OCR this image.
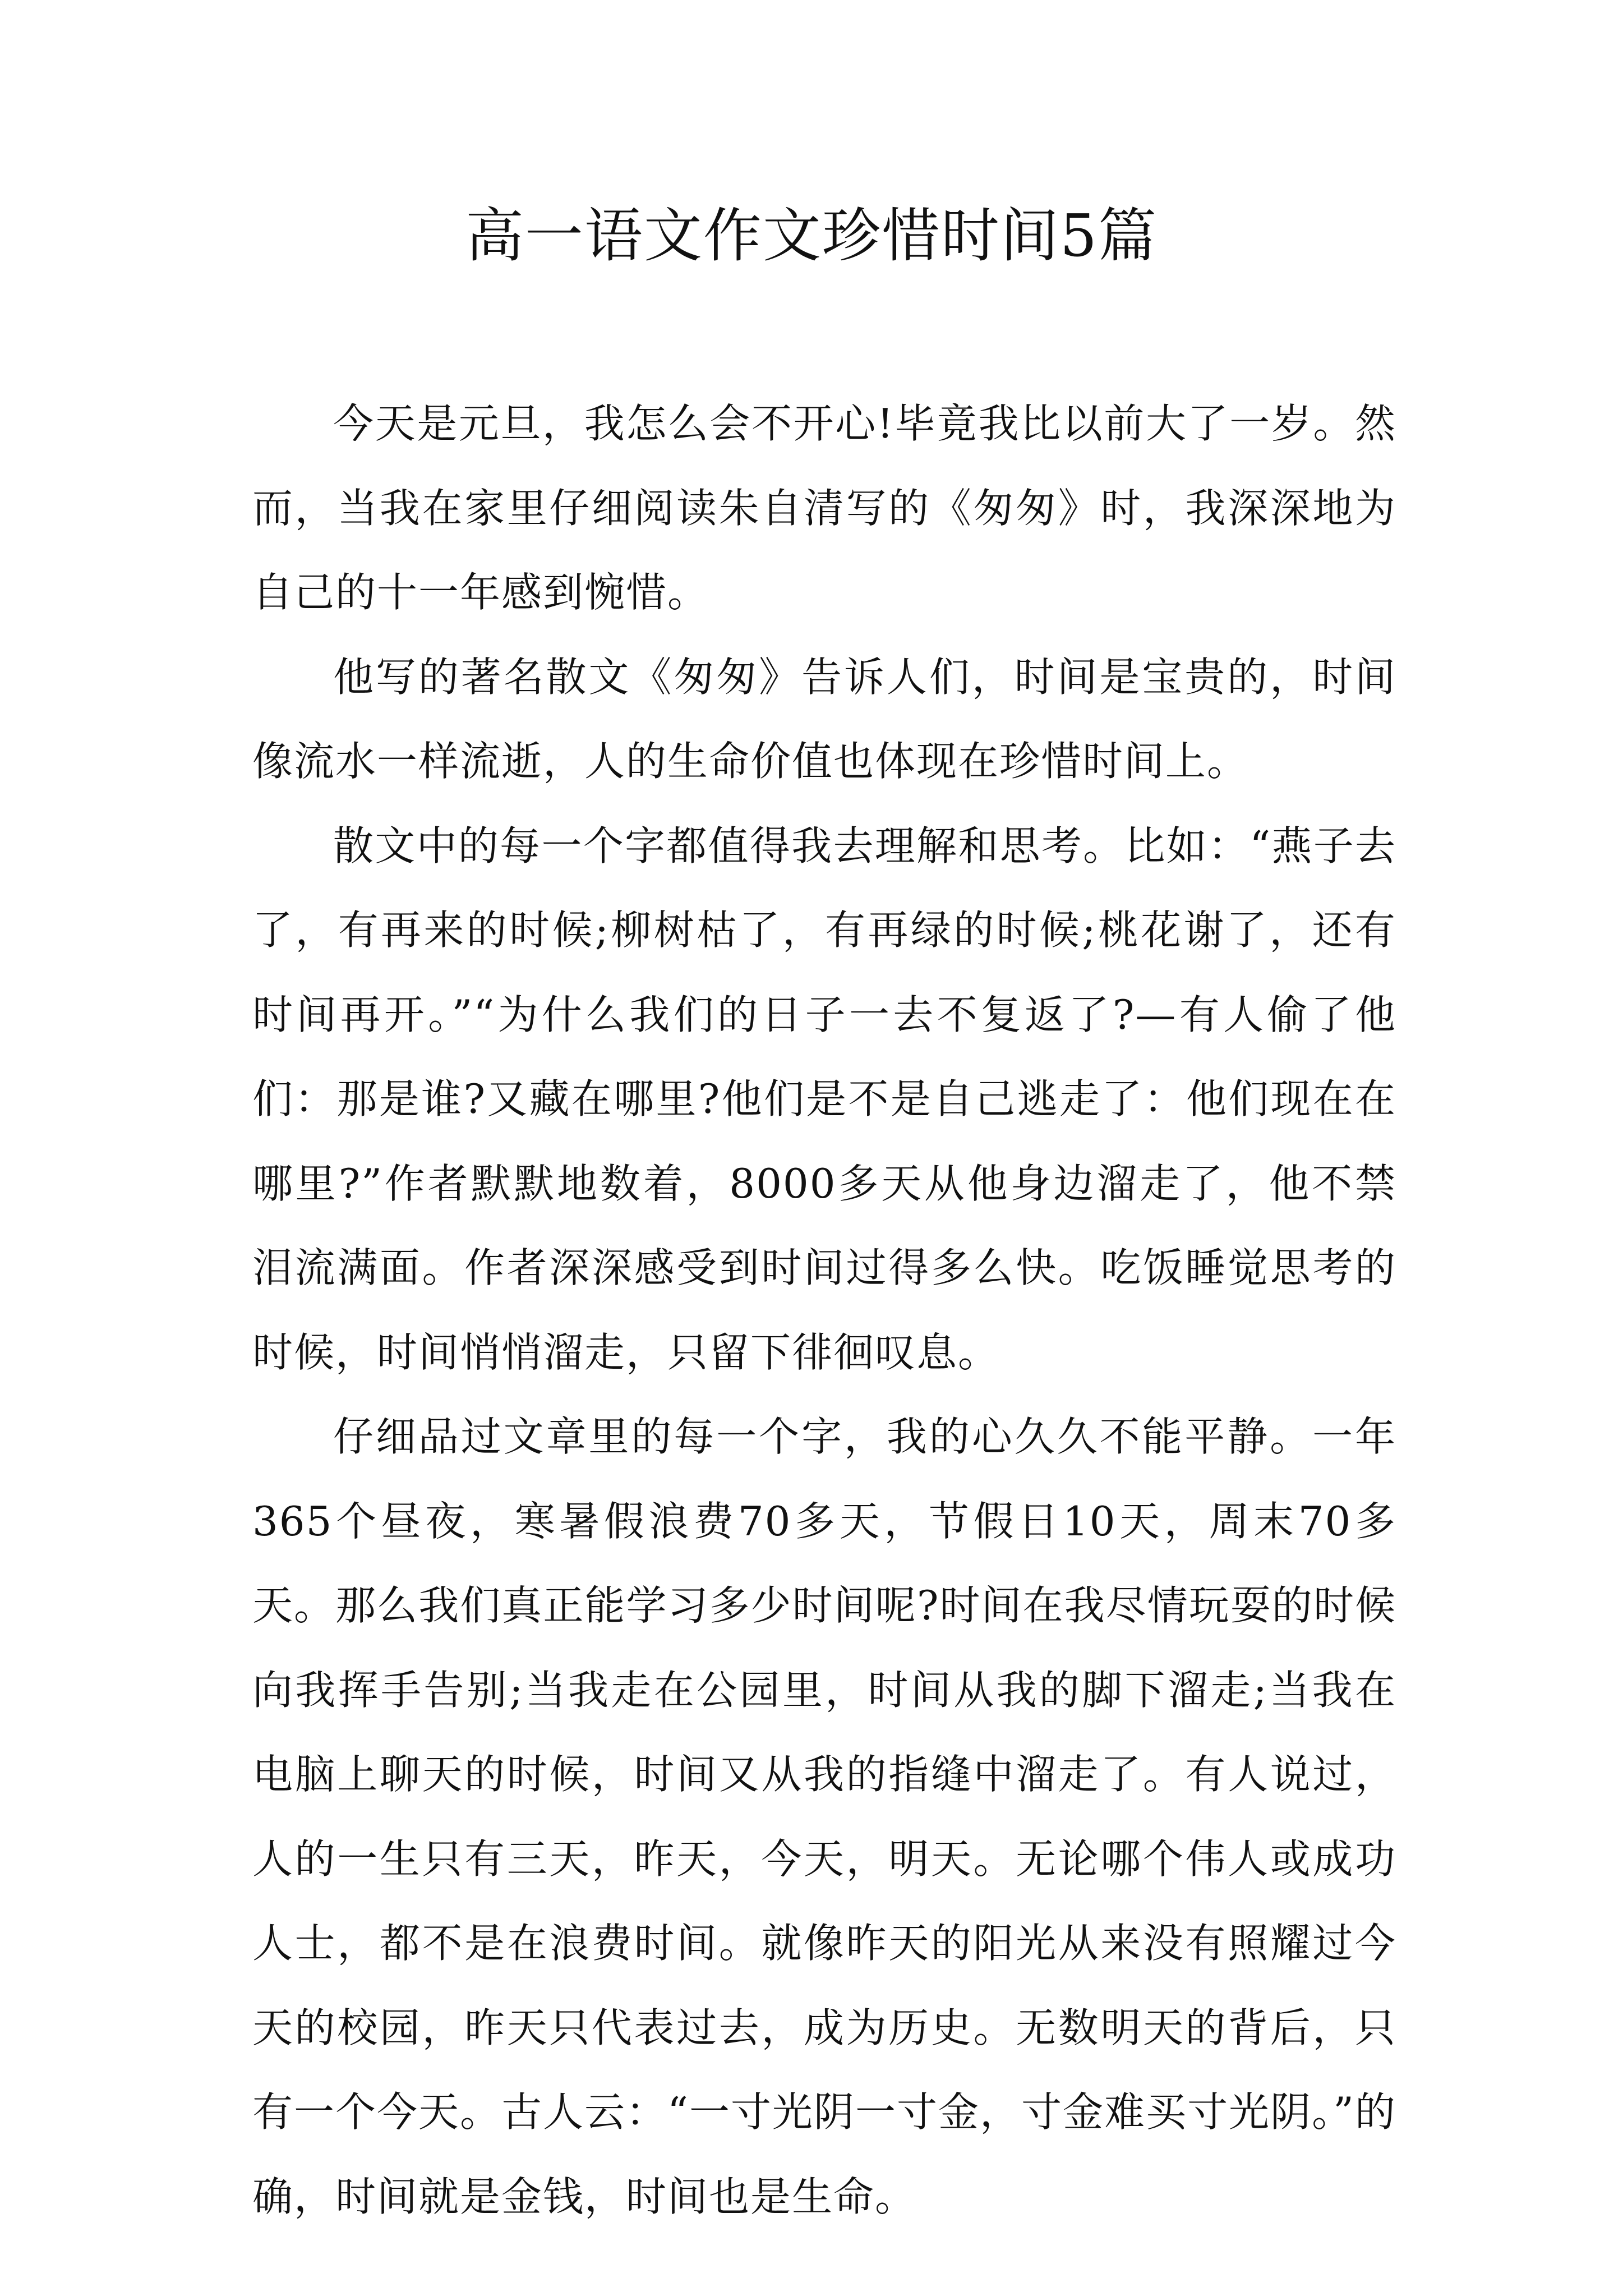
高一语文作文珍惜时间5篇

今天是元旦，我怎么会不开心!毕竟我比以前大了一岁。然而，当我在家里仔细阅读朱自清写的《匆匆》时，我深深地为自己的十一年感到惋惜。

他写的著名散文《匆匆》告诉人们，时间是宝贵的，时间像流水一样流逝，人的生命价值也体现在珍惜时间上。

散文中的每一个字都值得我去理解和思考。比如：“燕子去了，有再来的时候;柳树枯了，有再绿的时候;桃花谢了，还有时间再开。”“为什么我们的日子一去不复返了?—有人偷了他们：那是谁?又藏在哪里?他们是不是自己逃走了：他们现在在哪里?”作者默默地数着，8000多天从他身边溜走了，他不禁泪流满面。作者深深感受到时间过得多么快。吃饭睡觉思考的时候，时间悄悄溜走，只留下徘徊叹息。

仔细品过文章里的每一个字，我的心久久不能平静。一年365个昼夜，寒暑假浪费70多天，节假日10天，周末70多天。那么我们真正能学习多少时间呢?时间在我尽情玩耍的时候向我挥手告别;当我走在公园里，时间从我的脚下溜走;当我在电脑上聊天的时候，时间又从我的指缝中溜走了。有人说过，人的一生只有三天，昨天，今天，明天。无论哪个伟人或成功人士，都不是在浪费时间。就像昨天的阳光从来没有照耀过今天的校园，昨天只代表过去，成为历史。无数明天的背后，只有一个今天。古人云：“一寸光阴一寸金，寸金难买寸光阴。”的确，时间就是金钱，时间也是生命。
